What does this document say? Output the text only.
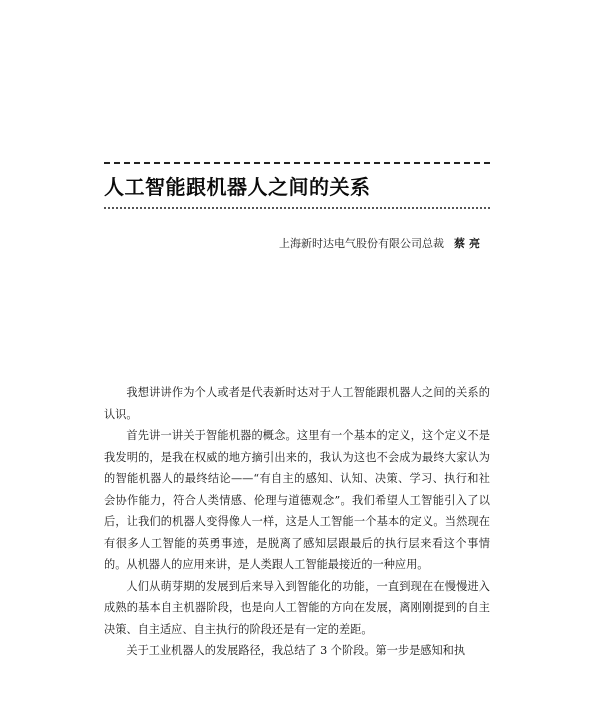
人工智能跟机器人之间的关系
上海新时达电气股份有限公司总裁 蔡亮

我想讲讲作为个人或者是代表新时达对于人工智能跟机器人之间的关系的认识。

首先讲一讲关于智能机器的概念。这里有一个基本的定义，这个定义不是我发明的，是我在权威的地方摘引出来的，我认为这也不会成为最终大家认为的智能机器人的最终结论——“有自主的感知、认知、决策、学习、执行和社会协作能力，符合人类情感、伦理与道德观念”。我们希望人工智能引入了以后，让我们的机器人变得像人一样，这是人工智能一个基本的定义。当然现在有很多人工智能的英勇事迹，是脱离了感知层跟最后的执行层来看这个事情的。从机器人的应用来讲，是人类跟人工智能最接近的一种应用。

人们从萌芽期的发展到后来导入到智能化的功能，一直到现在在慢慢进入成熟的基本自主机器阶段，也是向人工智能的方向在发展，离刚刚提到的自主决策、自主适应、自主执行的阶段还是有一定的差距。

关于工业机器人的发展路径，我总结了 3 个阶段。第一步是感知和执
